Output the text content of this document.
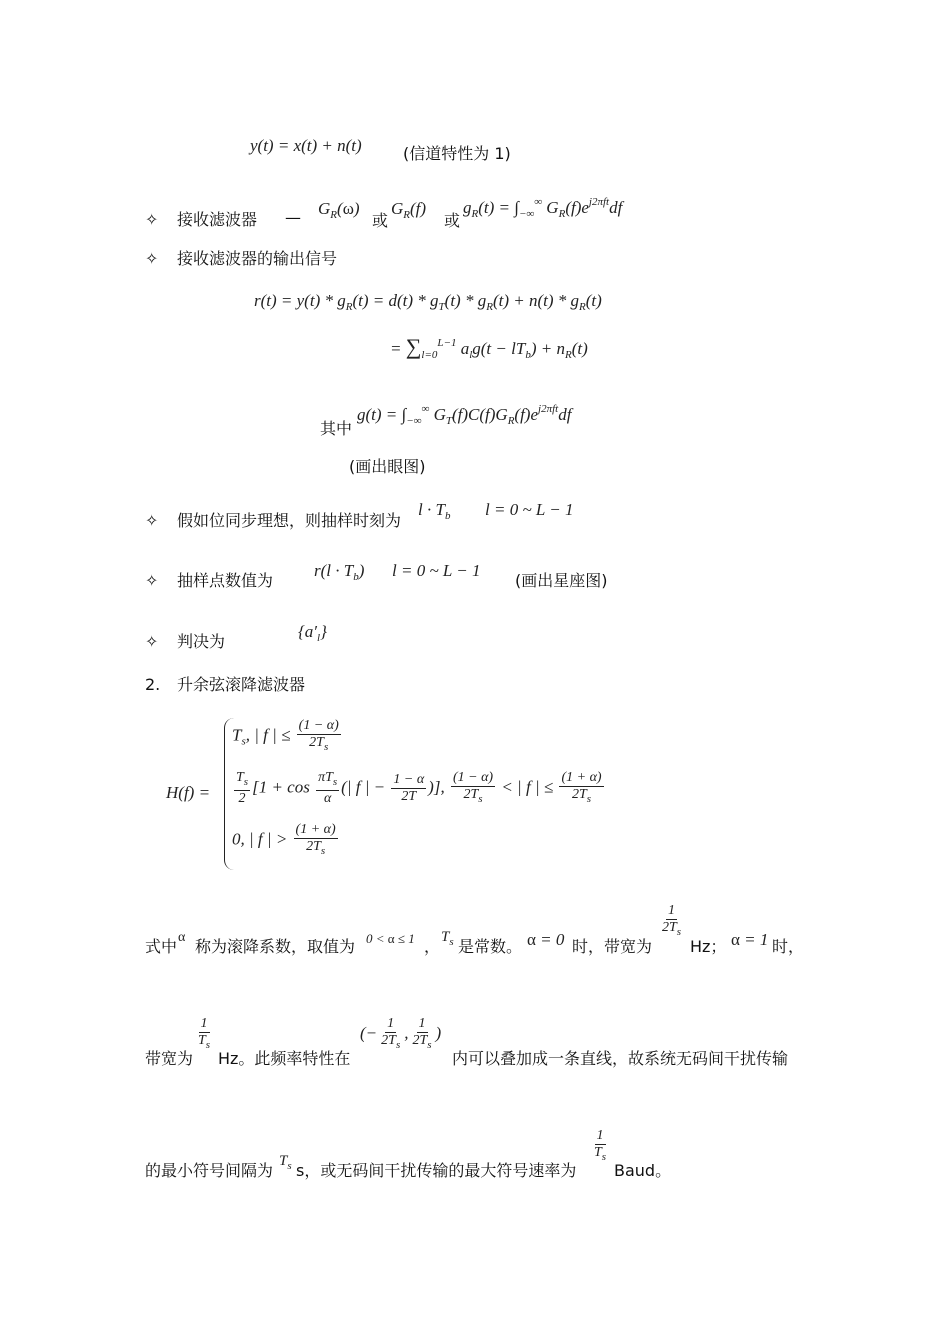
y(t) = x(t) + n(t)	(信道特性为 1)
✧ 接收滤波器 — $G_R(\omega)$
或
$G_R(f)$
或
$g_R(t) = \int_{-\infty}^\infty$ $G_R(f)e^{j2\pi ft}df$
✧ 接收滤波器的输出信号
$r(t) = y(t) * g_R(t) = d(t) * g_T(t) * g_R(t) + n(t) * g_R(t)$
= $\sum_{l=0}^{L-1}$ $a_lg(t - lT_b) + n_R(t)$
其中
$g(t) = \int_{-\infty}^\infty$ $G_T(f)C(f)G_R(f)e^{j2\pi ft}df$
(画出眼图)
✧ 假如位同步理想，则抽样时刻为
$l \cdot T_b$ l = 0 ~ L − 1
✧ 抽样点数值为
$r(l \cdot T_b)$ l = 0 ~ L − 1
(画出星座图)
✧ 判决为
$\{a'_l\}$
2. 升余弦滚降滤波器
H(f) =
$T_s$, | f | ≤ $\frac{(1 - \alpha)}{2T_s}$
$\frac{T_s}{2} [1 + \cos \frac{\pi T_s}{\alpha}$ (| f | − $\frac{1 - \alpha}{2T}$ )], $\frac{(1 - \alpha)}{2T_s}$ < | f | ≤ $\frac{(1 + \alpha)}{2T_s}$
0, | f | > $\frac{(1 + \alpha)}{2T_s}$
式中 α 称为滚降系数，取值为 0 < α ≤ 1 ， $T_s$ 是常数。 α = 0 时，带宽为
$\frac{1}{2T_s}$
Hz； α = 1 时，
带宽为
$\frac{1}{T_s}$
Hz。此频率特性在
(− $\frac{1}{2T_s}$ , $\frac{1}{2T_s}$ )
内可以叠加成一条直线，故系统无码间干扰传输
的最小符号间隔为 $T_s$ s，或无码间干扰传输的最大符号速率为
$\frac{1}{T_s}$
Baud。
